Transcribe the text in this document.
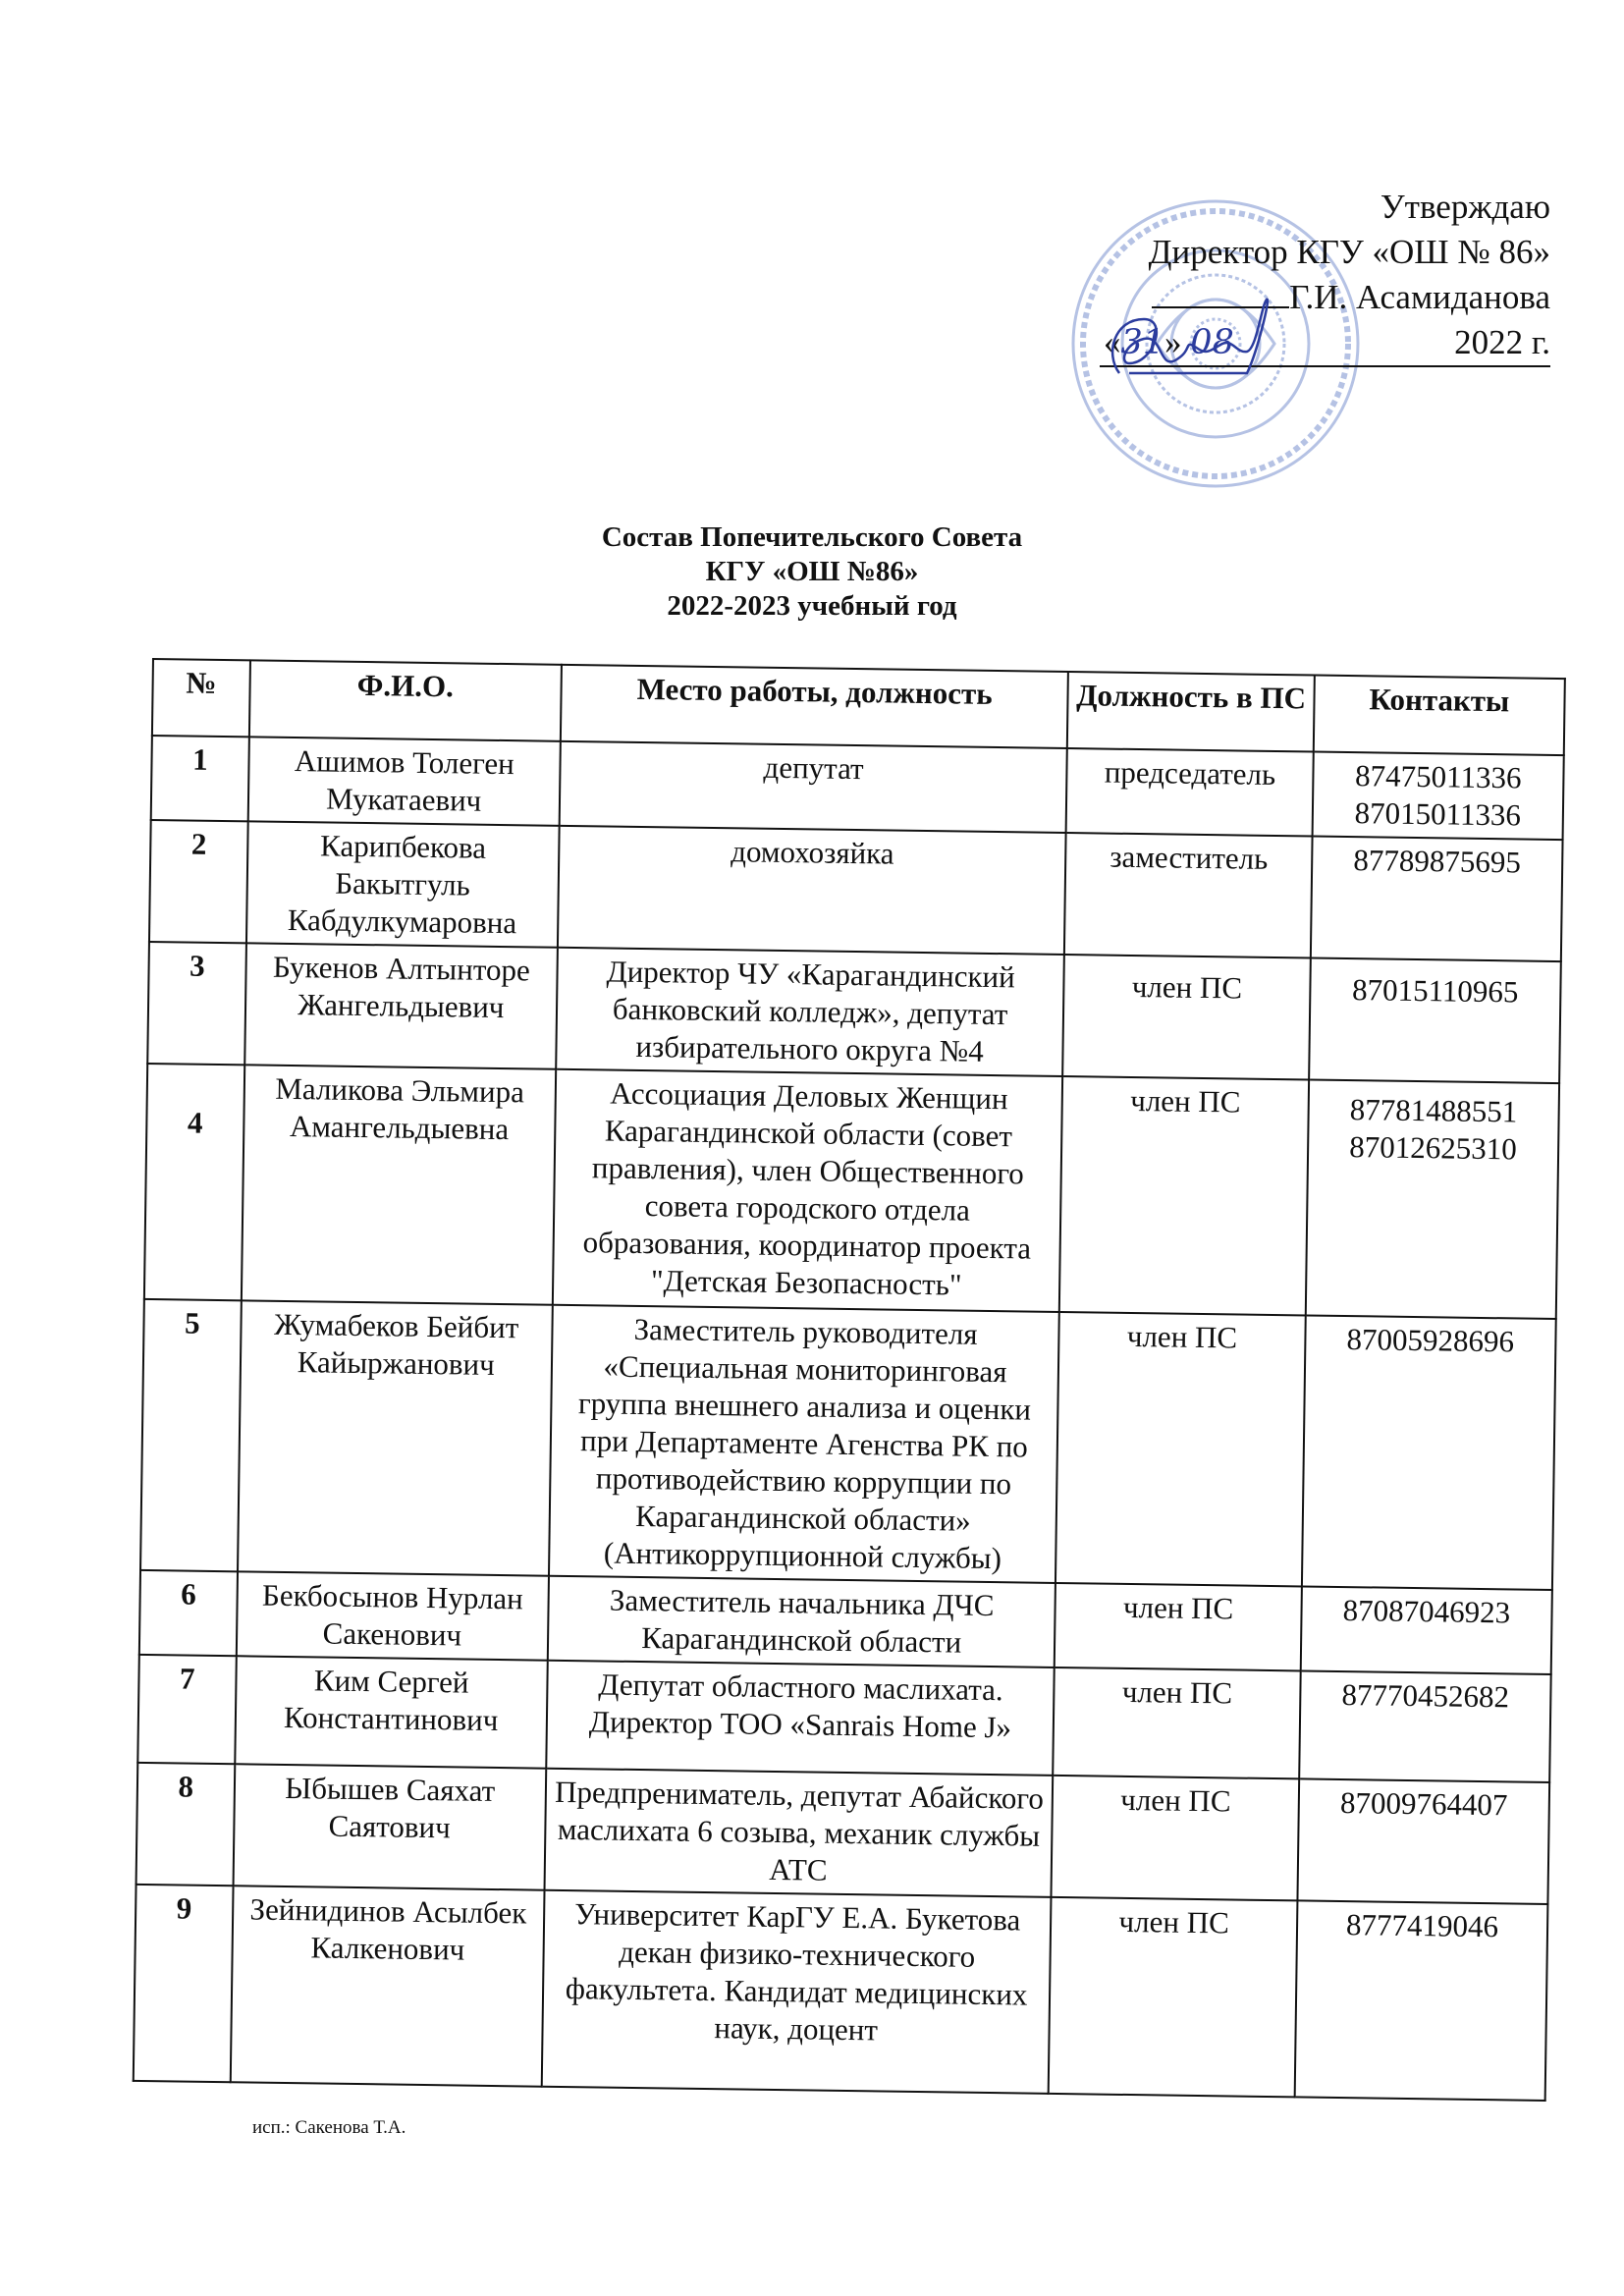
Утверждаю
Директор КГУ «ОШ № 86»
Г.И. Асамиданова
«31» 08	2022 г.
Состав Попечительского Совета
КГУ «ОШ №86»
2022-2023 учебный год
№	Ф.И.О.	Место работы, должность	Должность в ПС	Контакты
1	Ашимов Толеген Мукатаевич	депутат	председатель	87475011336
87015011336

2	Карипбекова Бакытгуль Кабдулкумаровна	домохозяйка	заместитель	87789875695

3	Букенов Алтынторе Жангельдыевич	Директор ЧУ «Карагандинский банковский колледж», депутат избирательного округа №4	член ПС	87015110965

4	Маликова Эльмира Амангельдыевна	Ассоциация Деловых Женщин Карагандинской области (совет правления), член Общественного совета городского отдела образования, координатор проекта "Детская Безопасность"	член ПС	87781488551
87012625310

5	Жумабеков Бейбит Кайыржанович	Заместитель руководителя «Специальная мониторинговая группа внешнего анализа и оценки при Департаменте Агенства РК по противодействию коррупции по Карагандинской области» (Антикоррупционной службы)	член ПС	87005928696

6	Бекбосынов Нурлан Сакенович	Заместитель начальника ДЧС Карагандинской области	член ПС	87087046923

7	Ким Сергей Константинович	Депутат областного маслихата. Директор ТОО «Sanrais Home J»	член ПС	87770452682

8	Ыбышев Саяхат Саятович	Предпрениматель, депутат Абайского маслихата 6 созыва, механик службы АТС	член ПС	87009764407

9	Зейнидинов Асылбек Калкенович	Университет КарГУ Е.А. Букетова декан физико-технического факультета. Кандидат медицинских наук, доцент	член ПС	8777419046
исп.: Сакенова Т.А.
